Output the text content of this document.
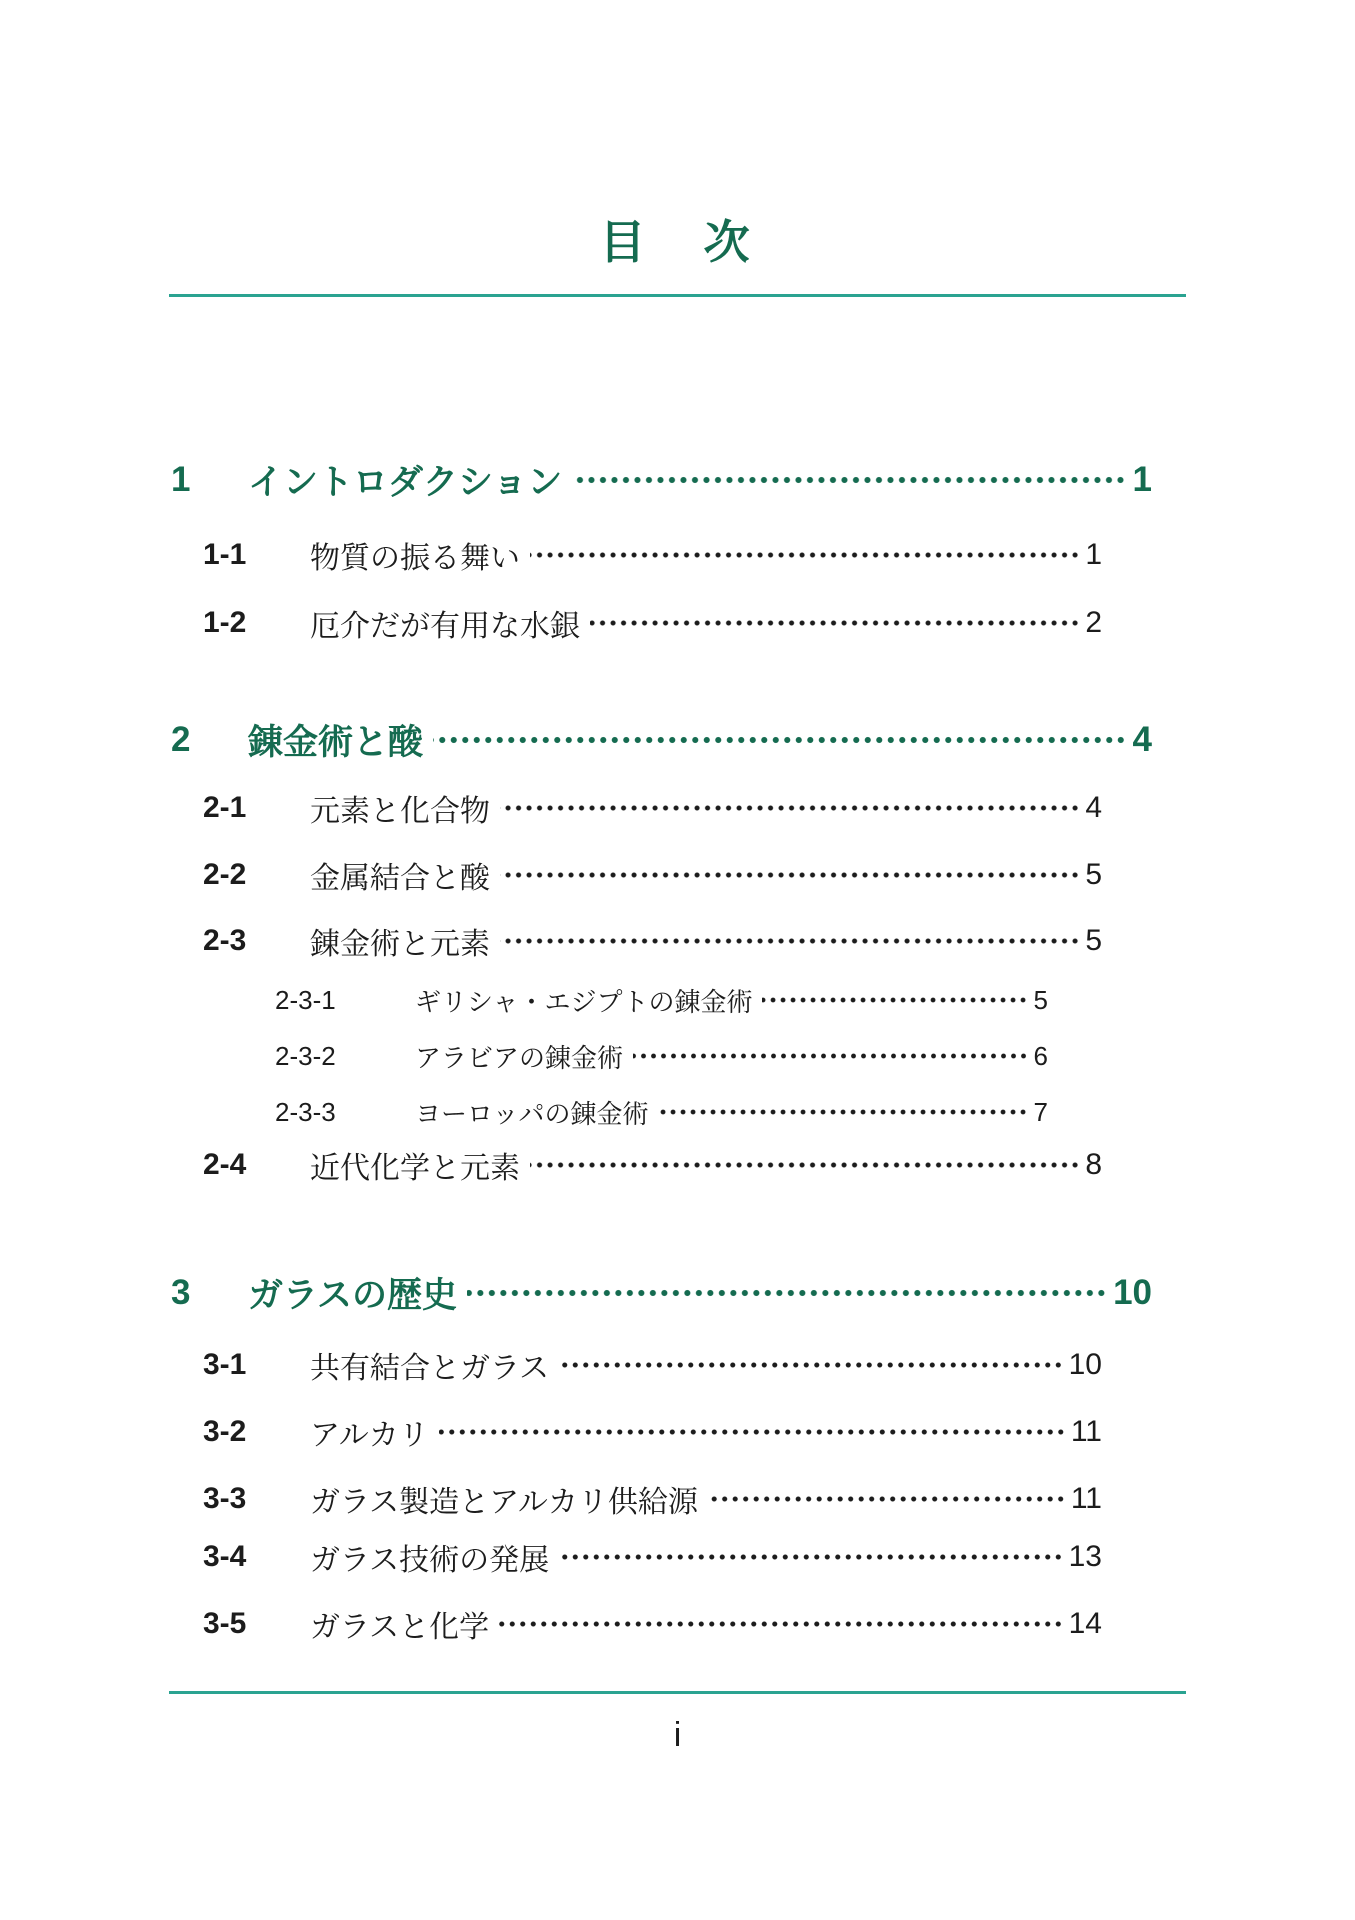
目　次
1	イントロダクション	1
1-1	物質の振る舞い	1
1-2	厄介だが有用な水銀	2
2	錬金術と酸	4
2-1	元素と化合物	4
2-2	金属結合と酸	5
2-3	錬金術と元素	5
2-3-1	ギリシャ・エジプトの錬金術	5
2-3-2	アラビアの錬金術	6
2-3-3	ヨーロッパの錬金術	7
2-4	近代化学と元素	8
3	ガラスの歴史	10
3-1	共有結合とガラス	10
3-2	アルカリ	11
3-3	ガラス製造とアルカリ供給源	11
3-4	ガラス技術の発展	13
3-5	ガラスと化学	14
i
